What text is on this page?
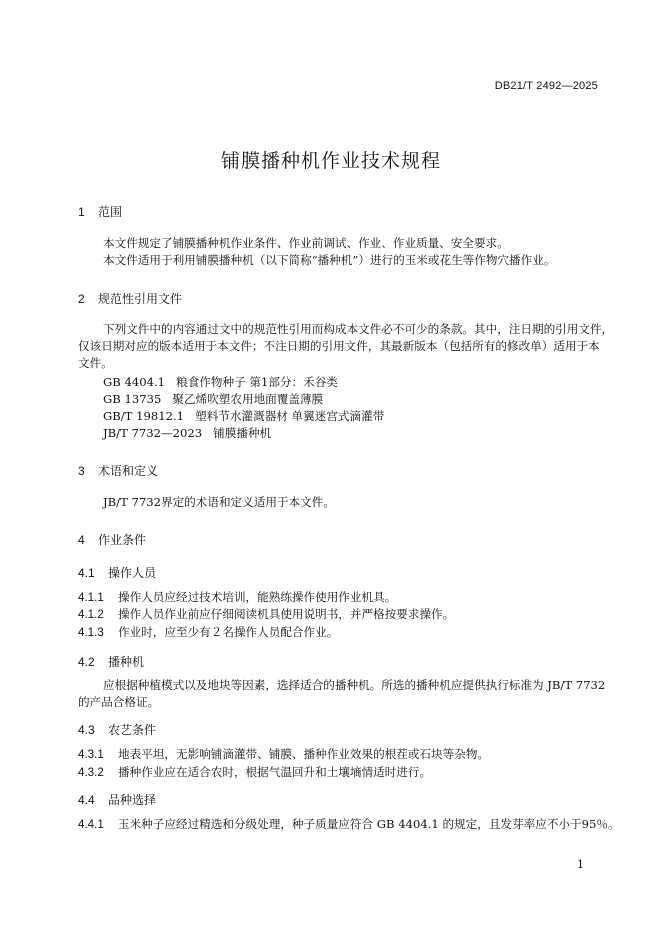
DB21/T 2492—2025
铺膜播种机作业技术规程
1 范围
本文件规定了铺膜播种机作业条件、作业前调试、作业、作业质量、安全要求。
本文件适用于利用铺膜播种机（以下简称“播种机”）进行的玉米或花生等作物穴播作业。
2 规范性引用文件
下列文件中的内容通过文中的规范性引用而构成本文件必不可少的条款。其中，注日期的引用文件，
仅该日期对应的版本适用于本文件；不注日期的引用文件，其最新版本（包括所有的修改单）适用于本
文件。
GB 4404.1 粮食作物种子 第1部分：禾谷类
GB 13735 聚乙烯吹塑农用地面覆盖薄膜
GB/T 19812.1 塑料节水灌溉器材 单翼迷宫式滴灌带
JB/T 7732—2023 铺膜播种机
3 术语和定义
JB/T 7732界定的术语和定义适用于本文件。
4 作业条件
4.1 操作人员
4.1.1 操作人员应经过技术培训，能熟练操作使用作业机具。
4.1.2 操作人员作业前应仔细阅读机具使用说明书，并严格按要求操作。
4.1.3 作业时，应至少有２名操作人员配合作业。
4.2 播种机
应根据种植模式以及地块等因素，选择适合的播种机。所选的播种机应提供执行标准为 JB/T 7732
的产品合格证。
4.3 农艺条件
4.3.1 地表平坦，无影响铺滴灌带、铺膜、播种作业效果的根茬或石块等杂物。
4.3.2 播种作业应在适合农时，根据气温回升和土壤墒情适时进行。
4.4 品种选择
4.4.1 玉米种子应经过精选和分级处理，种子质量应符合 GB 4404.1 的规定，且发芽率应不小于95％。
1
